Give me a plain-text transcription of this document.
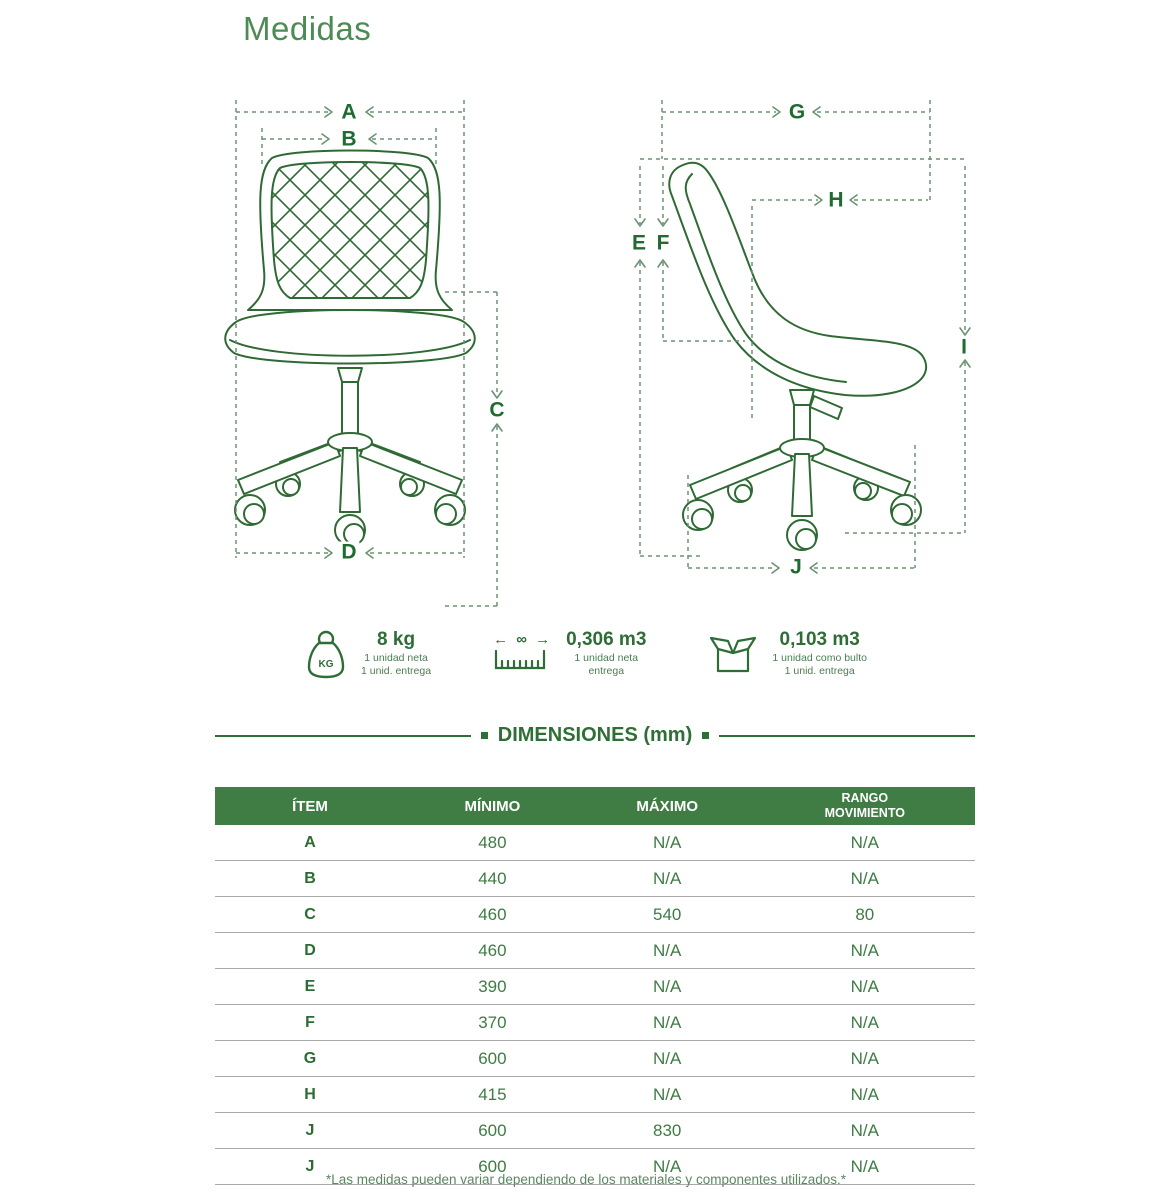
Medidas
A
B
C
D
E F
G
H
I
J
KG
8 kg
1 unidad neta
1 unid. entrega
← ∞ → 0,306 m3
1 unidad neta
entrega
0,103 m3
1 unidad como bulto
1 unid. entrega
DIMENSIONES (mm)
ÍTEM	MÍNIMO	MÁXIMO	RANGO MOVIMIENTO
A	480	N/A	N/A
B	440	N/A	N/A
C	460	540	80
D	460	N/A	N/A
E	390	N/A	N/A
F	370	N/A	N/A
G	600	N/A	N/A
H	415	N/A	N/A
J	600	830	N/A
J	600	N/A	N/A
*Las medidas pueden variar dependiendo de los materiales y componentes utilizados.*
